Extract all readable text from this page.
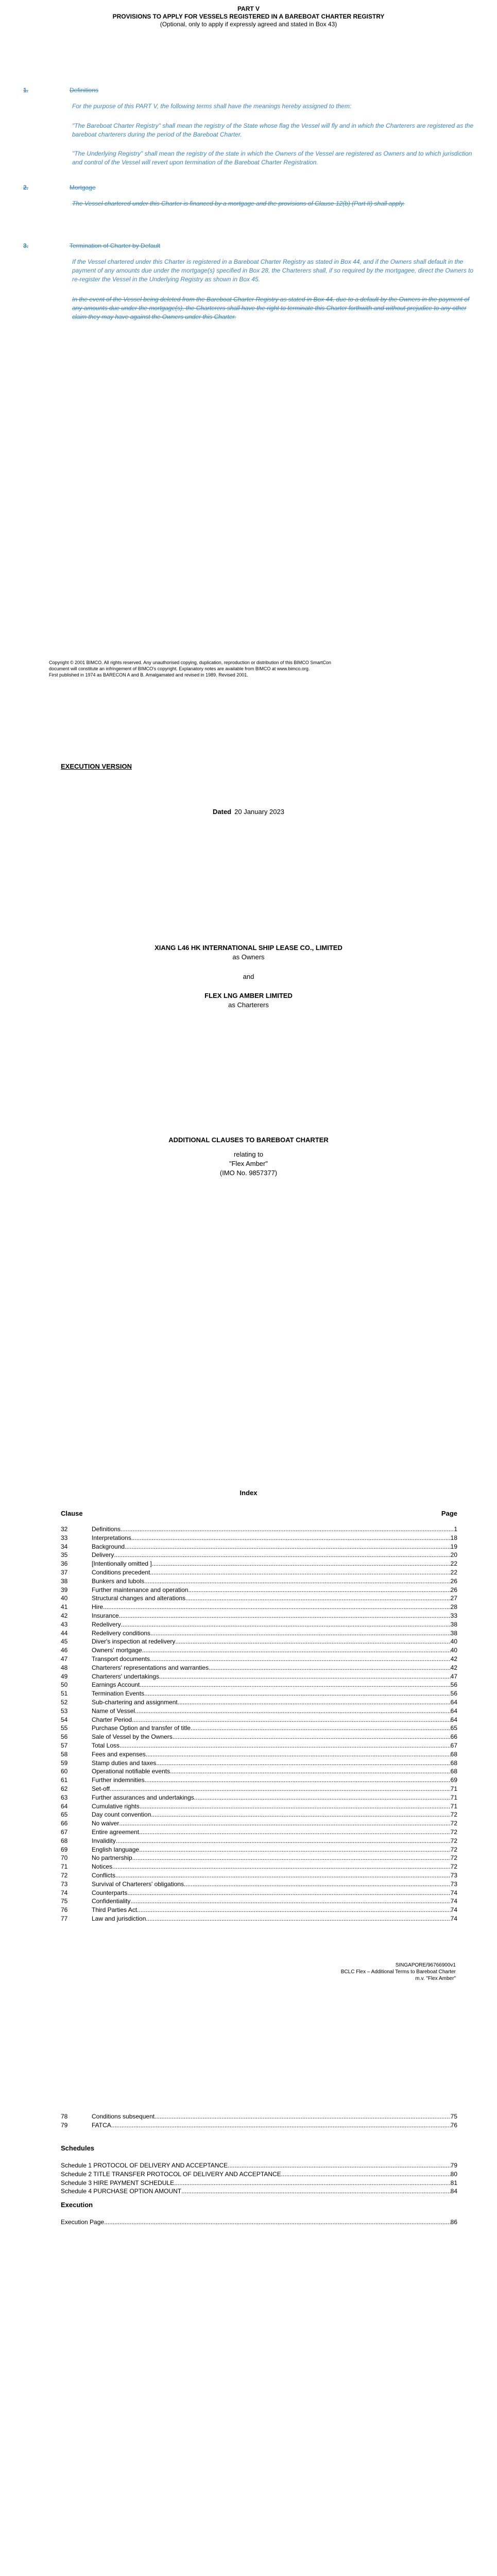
PART V
PROVISIONS TO APPLY FOR VESSELS REGISTERED IN A BAREBOAT CHARTER REGISTRY
(Optional, only to apply if expressly agreed and stated in Box 43)
1.	Definitions
For the purpose of this PART V, the following terms shall have the meanings hereby assigned to them:
"The Bareboat Charter Registry" shall mean the registry of the State whose flag the Vessel will fly and in which the Charterers are registered as the bareboat charterers during the period of the Bareboat Charter.
"The Underlying Registry" shall mean the registry of the state in which the Owners of the Vessel are registered as Owners and to which jurisdiction and control of the Vessel will revert upon termination of the Bareboat Charter Registration.
2.	Mortgage
The Vessel chartered under this Charter is financed by a mortgage and the provisions of Clause 12(b) (Part II) shall apply.
3.	Termination of Charter by Default
If the Vessel chartered under this Charter is registered in a Bareboat Charter Registry as stated in Box 44, and if the Owners shall default in the payment of any amounts due under the mortgage(s) specified in Box 28, the Charterers shall, if so required by the mortgagee, direct the Owners to re-register the Vessel in the Underlying Registry as shown in Box 45.
In the event of the Vessel being deleted from the Bareboat Charter Registry as stated in Box 44, due to a default by the Owners in the payment of any amounts due under the mortgage(s), the Charterers shall have the right to terminate this Charter forthwith and without prejudice to any other claim they may have against the Owners under this Charter.
Copyright © 2001 BIMCO. All rights reserved. Any unauthorised copying, duplication, reproduction or distribution of this BIMCO SmartCon
document will constitute an infringement of BIMCO's copyright. Explanatory notes are available from BIMCO at www.bimco.org.
First published in 1974 as BARECON A and B. Amalgamated and revised in 1989. Revised 2001.
EXECUTION VERSION
Dated 20 January 2023
XIANG L46 HK INTERNATIONAL SHIP LEASE CO., LIMITED
as Owners
and
FLEX LNG AMBER LIMITED
as Charterers
ADDITIONAL CLAUSES TO BAREBOAT CHARTER
relating to
"Flex Amber"
(IMO No. 9857377)
Index
Clause	Page
32	Definitions .....	1
33	Interpretations .....	18
34	Background .....	19
35	Delivery .....	20
36	[Intentionally omitted ] .....	22
37	Conditions precedent .....	22
38	Bunkers and lubols .....	26
39	Further maintenance and operation .....	26
40	Structural changes and alterations .....	27
41	Hire .....	28
42	Insurance .....	33
43	Redelivery .....	38
44	Redelivery conditions .....	38
45	Diver's inspection at redelivery .....	40
46	Owners' mortgage .....	40
47	Transport documents .....	42
48	Charterers' representations and warranties .....	42
49	Charterers' undertakings .....	47
50	Earnings Account .....	56
51	Termination Events .....	56
52	Sub-chartering and assignment .....	64
53	Name of Vessel .....	64
54	Charter Period .....	64
55	Purchase Option and transfer of title .....	65
56	Sale of Vessel by the Owners .....	66
57	Total Loss .....	67
58	Fees and expenses .....	68
59	Stamp duties and taxes .....	68
60	Operational notifiable events .....	68
61	Further indemnities .....	69
62	Set-off .....	71
63	Further assurances and undertakings .....	71
64	Cumulative rights .....	71
65	Day count convention .....	72
66	No waiver .....	72
67	Entire agreement .....	72
68	Invalidity .....	72
69	English language .....	72
70	No partnership .....	72
71	Notices .....	72
72	Conflicts .....	73
73	Survival of Charterers' obligations .....	73
74	Counterparts .....	74
75	Confidentiality .....	74
76	Third Parties Act .....	74
77	Law and jurisdiction .....	74
SINGAPORE/96766900v1
BCLC Flex – Additional Terms to Bareboat Charter
m.v. "Flex Amber"
78	Conditions subsequent .....	75
79	FATCA .....	76
Schedules
Schedule 1 PROTOCOL OF DELIVERY AND ACCEPTANCE .....	79
Schedule 2 TITLE TRANSFER PROTOCOL OF DELIVERY AND ACCEPTANCE .....	80
Schedule 3 HIRE PAYMENT SCHEDULE .....	81
Schedule 4 PURCHASE OPTION AMOUNT .....	84
Execution
Execution Page .....	86
